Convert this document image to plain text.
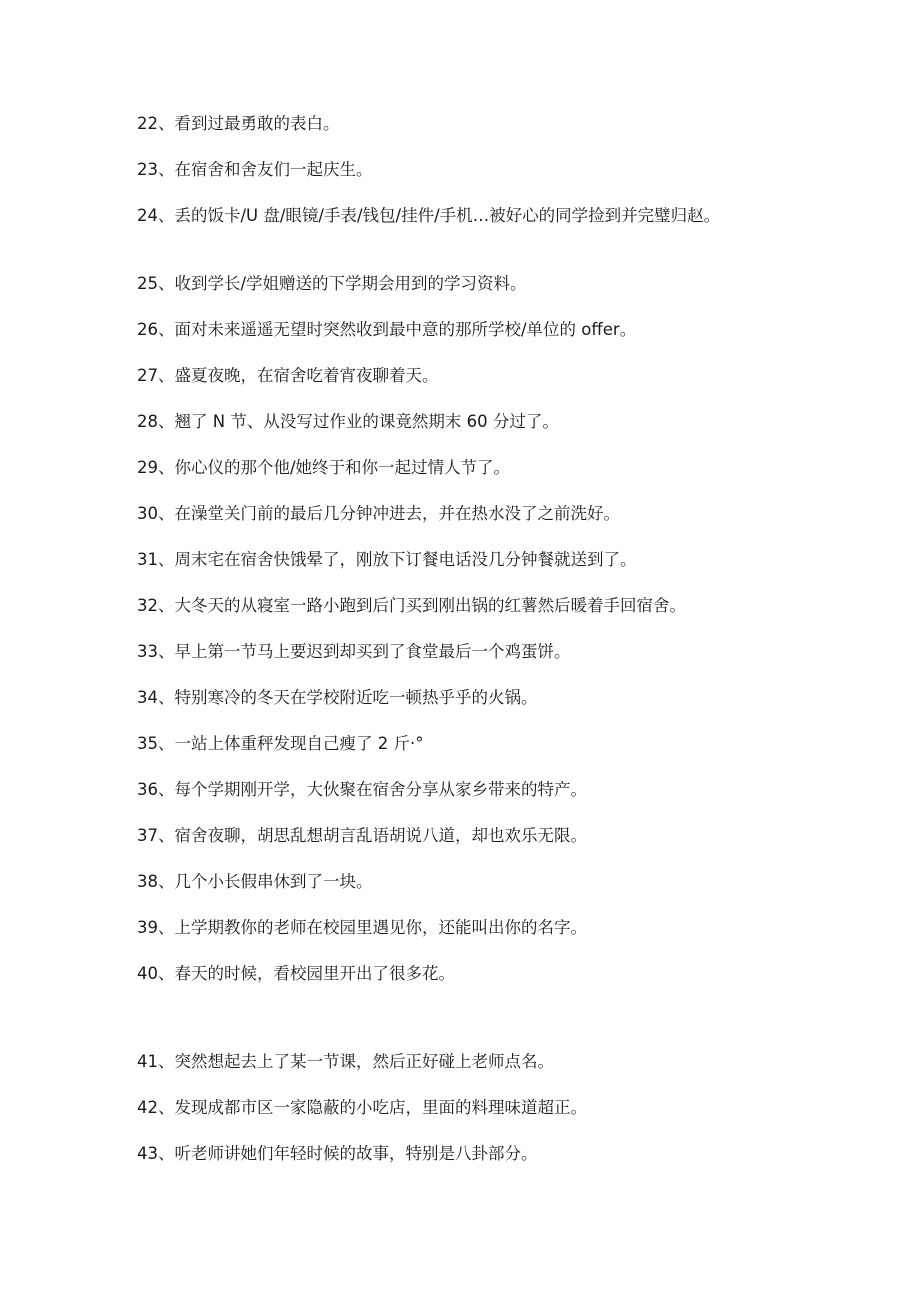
22、看到过最勇敢的表白。
23、在宿舍和舍友们一起庆生。
24、丢的饭卡/U 盘/眼镜/手表/钱包/挂件/手机…被好心的同学捡到并完璧归赵。
25、收到学长/学姐赠送的下学期会用到的学习资料。
26、面对未来遥遥无望时突然收到最中意的那所学校/单位的 offer。
27、盛夏夜晚，在宿舍吃着宵夜聊着天。
28、翘了 N 节、从没写过作业的课竟然期末 60 分过了。
29、你心仪的那个他/她终于和你一起过情人节了。
30、在澡堂关门前的最后几分钟冲进去，并在热水没了之前洗好。
31、周末宅在宿舍快饿晕了，刚放下订餐电话没几分钟餐就送到了。
32、大冬天的从寝室一路小跑到后门买到刚出锅的红薯然后暖着手回宿舍。
33、早上第一节马上要迟到却买到了食堂最后一个鸡蛋饼。
34、特别寒冷的冬天在学校附近吃一顿热乎乎的火锅。
35、一站上体重秤发现自己瘦了 2 斤·°
36、每个学期刚开学，大伙聚在宿舍分享从家乡带来的特产。
37、宿舍夜聊，胡思乱想胡言乱语胡说八道，却也欢乐无限。
38、几个小长假串休到了一块。
39、上学期教你的老师在校园里遇见你，还能叫出你的名字。
40、春天的时候，看校园里开出了很多花。
41、突然想起去上了某一节课，然后正好碰上老师点名。
42、发现成都市区一家隐蔽的小吃店，里面的料理味道超正。
43、听老师讲她们年轻时候的故事，特别是八卦部分。
